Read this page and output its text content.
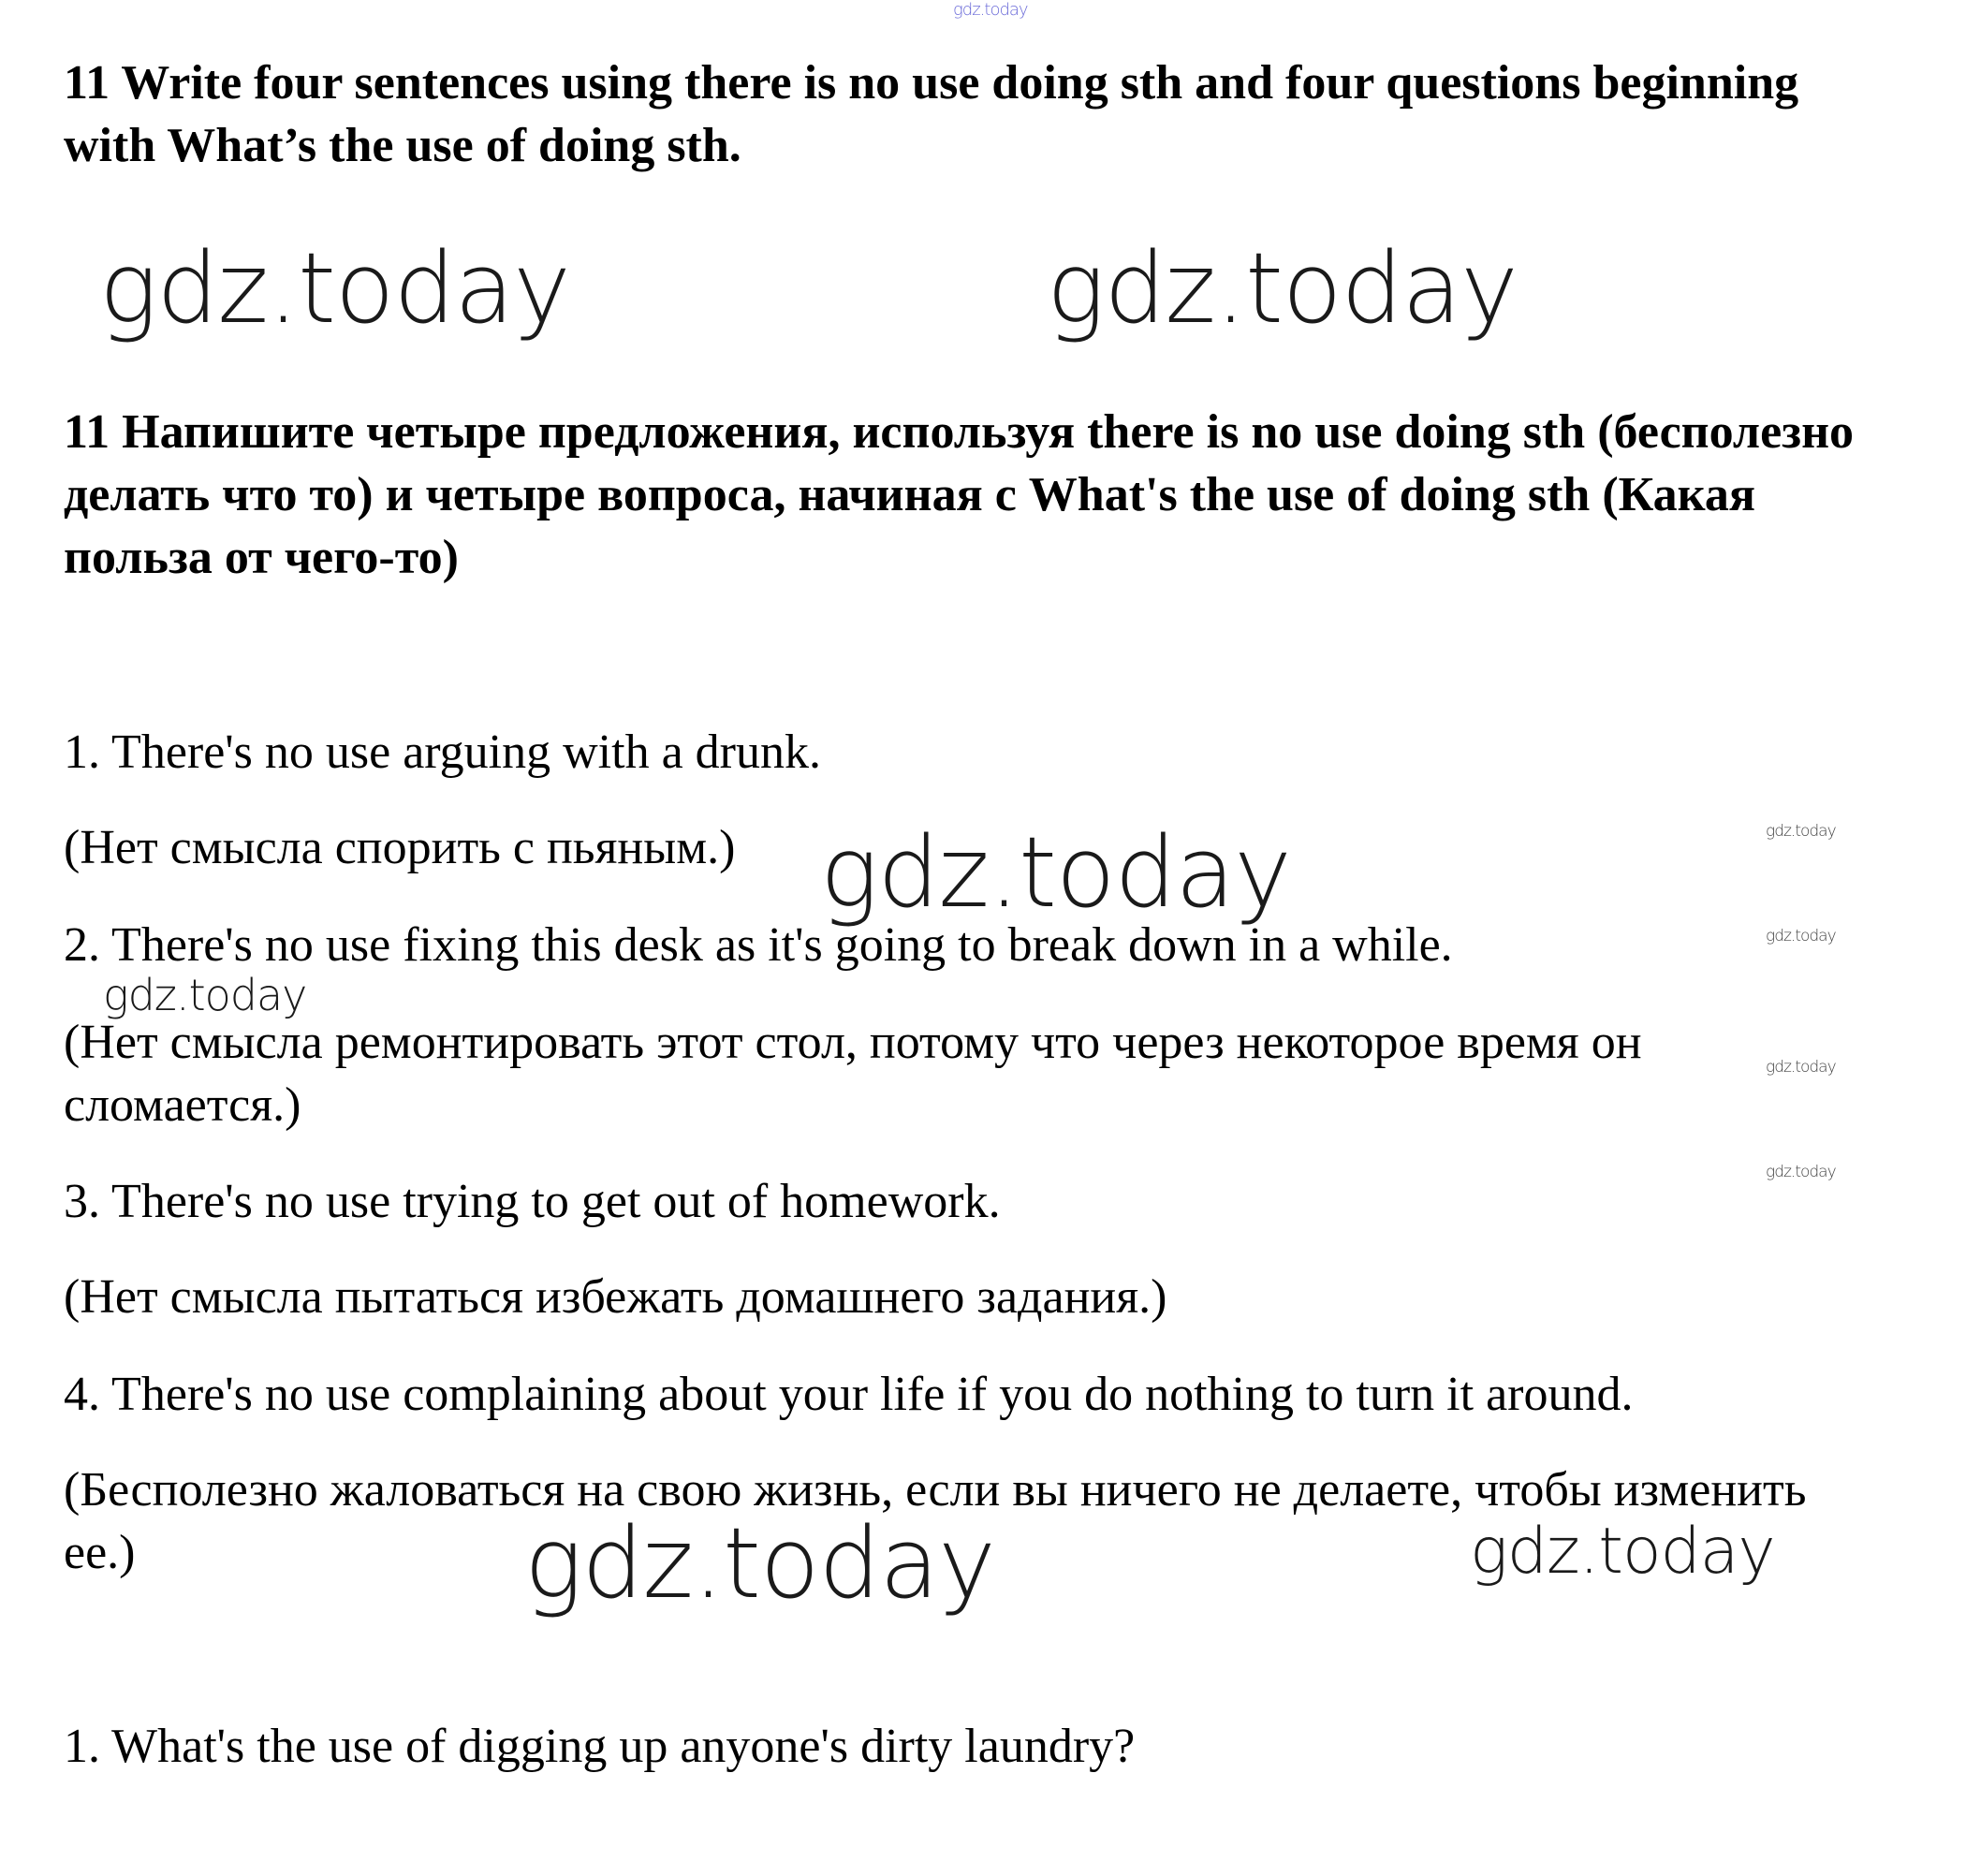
gdz.today

11 Write four sentences using there is no use doing sth and four questions beginning with What’s the use of doing sth.

gdz.today	gdz.today

11 Напишите четыре предложения, используя there is no use doing sth (бесполезно делать что то) и четыре вопроса, начиная с What's the use of doing sth (Какая польза от чего-то)

1. There's no use arguing with a drunk.

(Нет смысла спорить с пьяным.) gdz.today	gdz.today

2. There's no use fixing this desk as it's going to break down in a while.	gdz.today
gdz.today

(Нет смысла ремонтировать этот стол, потому что через некоторое время он сломается.)

gdz.today
gdz.today

3. There's no use trying to get out of homework.

(Нет смысла пытаться избежать домашнего задания.)

4. There's no use complaining about your life if you do nothing to turn it around.

(Бесполезно жаловаться на свою жизнь, если вы ничего не делаете, чтобы изменить ее.)	gdz.today	gdz.today

1. What's the use of digging up anyone's dirty laundry?
